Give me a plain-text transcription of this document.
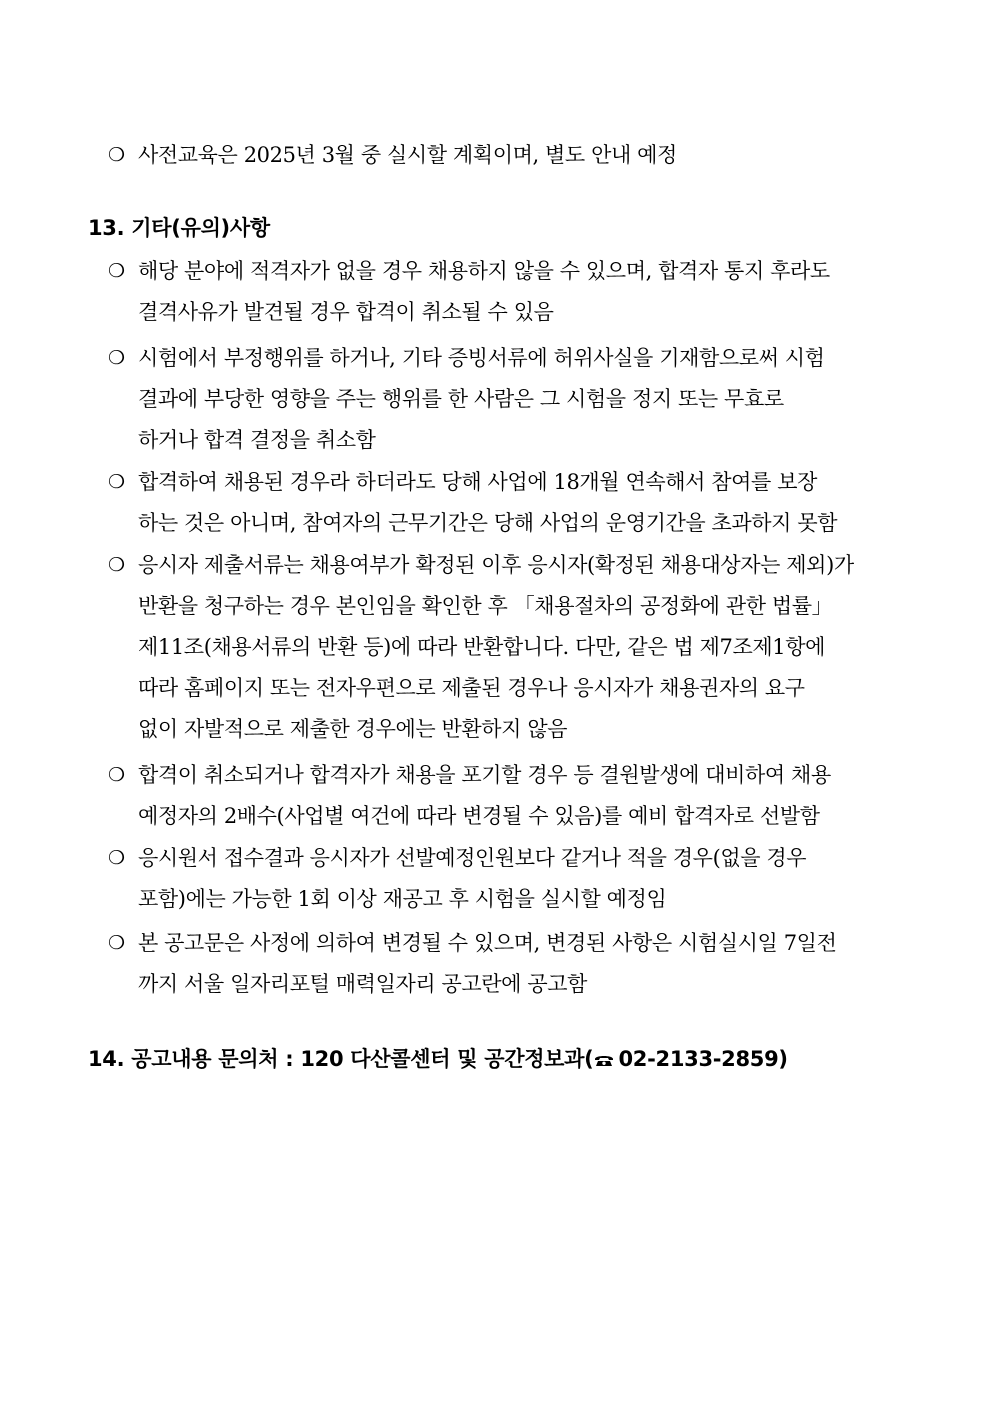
❍ 사전교육은 2025년 3월 중 실시할 계획이며, 별도 안내 예정
13. 기타(유의)사항
❍ 해당 분야에 적격자가 없을 경우 채용하지 않을 수 있으며, 합격자 통지 후라도
결격사유가 발견될 경우 합격이 취소될 수 있음
❍ 시험에서 부정행위를 하거나, 기타 증빙서류에 허위사실을 기재함으로써 시험
결과에 부당한 영향을 주는 행위를 한 사람은 그 시험을 정지 또는 무효로
하거나 합격 결정을 취소함
❍ 합격하여 채용된 경우라 하더라도 당해 사업에 18개월 연속해서 참여를 보장
하는 것은 아니며, 참여자의 근무기간은 당해 사업의 운영기간을 초과하지 못함
❍ 응시자 제출서류는 채용여부가 확정된 이후 응시자(확정된 채용대상자는 제외)가
반환을 청구하는 경우 본인임을 확인한 후 「채용절차의 공정화에 관한 법률」
제11조(채용서류의 반환 등)에 따라 반환합니다. 다만, 같은 법 제7조제1항에
따라 홈페이지 또는 전자우편으로 제출된 경우나 응시자가 채용권자의 요구
없이 자발적으로 제출한 경우에는 반환하지 않음
❍ 합격이 취소되거나 합격자가 채용을 포기할 경우 등 결원발생에 대비하여 채용
예정자의 2배수(사업별 여건에 따라 변경될 수 있음)를 예비 합격자로 선발함
❍ 응시원서 접수결과 응시자가 선발예정인원보다 같거나 적을 경우(없을 경우
포함)에는 가능한 1회 이상 재공고 후 시험을 실시할 예정임
❍ 본 공고문은 사정에 의하여 변경될 수 있으며, 변경된 사항은 시험실시일 7일전
까지 서울 일자리포털 매력일자리 공고란에 공고함
14. 공고내용 문의처 : 120 다산콜센터 및 공간정보과( 02-2133-2859)
